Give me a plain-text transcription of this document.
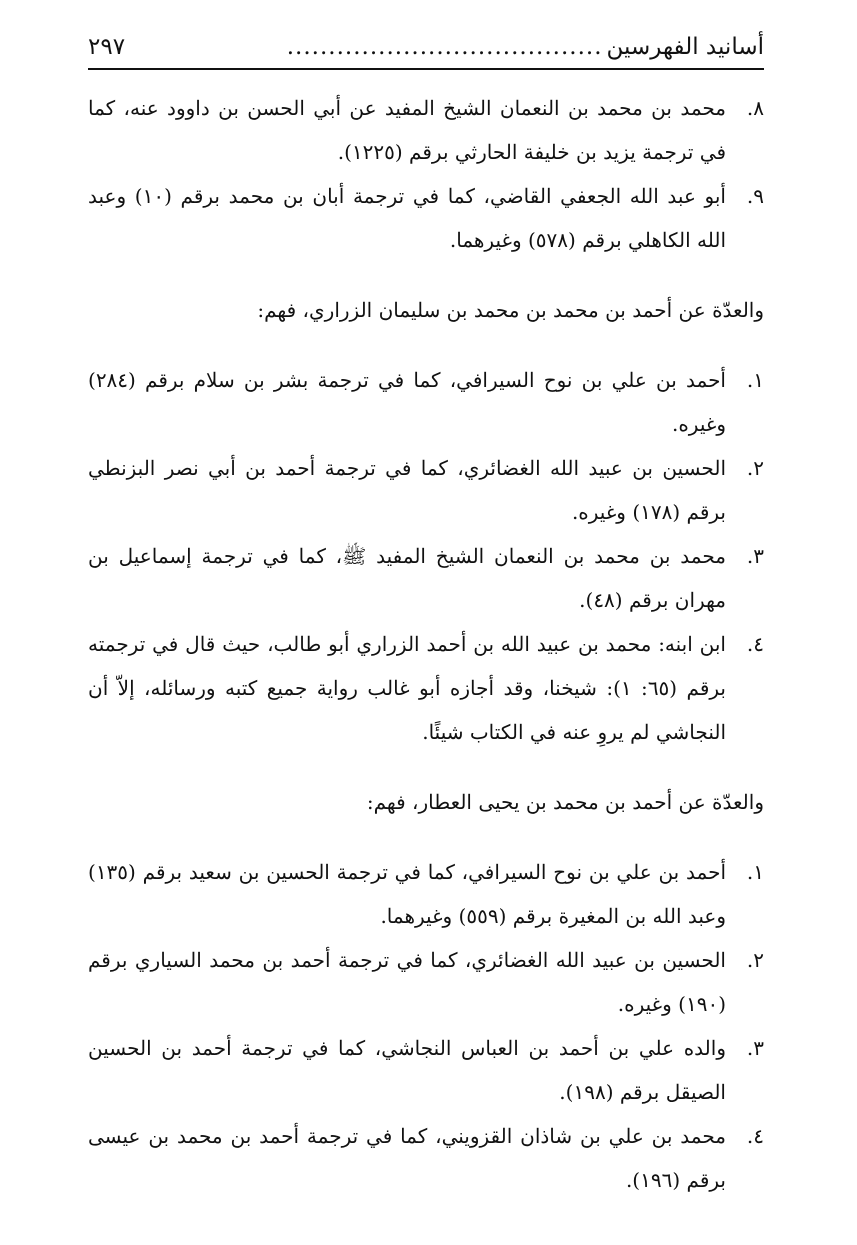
أسانيد الفهرسين
......................................
٢٩٧
٨.
محمد بن محمد بن النعمان الشيخ المفيد عن أبي الحسن بن داوود عنه، كما في ترجمة يزيد بن خليفة الحارثي برقم (١٢٢٥).
٩.
أبو عبد الله الجعفي القاضي، كما في ترجمة أبان بن محمد برقم (١٠) وعبد الله الكاهلي برقم (٥٧٨) وغيرهما.

والعدّة عن أحمد بن محمد بن محمد بن سليمان الزراري، فهم:

١.
أحمد بن علي بن نوح السيرافي، كما في ترجمة بشر بن سلام برقم (٢٨٤) وغيره.
٢.
الحسين بن عبيد الله الغضائري، كما في ترجمة أحمد بن أبي نصر البزنطي برقم (١٧٨) وغيره.
٣.
محمد بن محمد بن النعمان الشيخ المفيد ﷺ، كما في ترجمة إسماعيل بن مهران برقم (٤٨).
٤.
ابن ابنه: محمد بن عبيد الله بن أحمد الزراري أبو طالب، حيث قال في ترجمته برقم (٦٥: ١): شيخنا، وقد أجازه أبو غالب رواية جميع كتبه ورسائله، إلاّ أن النجاشي لم يروِ عنه في الكتاب شيئًا.

والعدّة عن أحمد بن محمد بن يحيى العطار، فهم:

١.
أحمد بن علي بن نوح السيرافي، كما في ترجمة الحسين بن سعيد برقم (١٣٥) وعبد الله بن المغيرة برقم (٥٥٩) وغيرهما.
٢.
الحسين بن عبيد الله الغضائري، كما في ترجمة أحمد بن محمد السياري برقم (١٩٠) وغيره.
٣.
والده علي بن أحمد بن العباس النجاشي، كما في ترجمة أحمد بن الحسين الصيقل برقم (١٩٨).
٤.
محمد بن علي بن شاذان القزويني، كما في ترجمة أحمد بن محمد بن عيسى برقم (١٩٦).
